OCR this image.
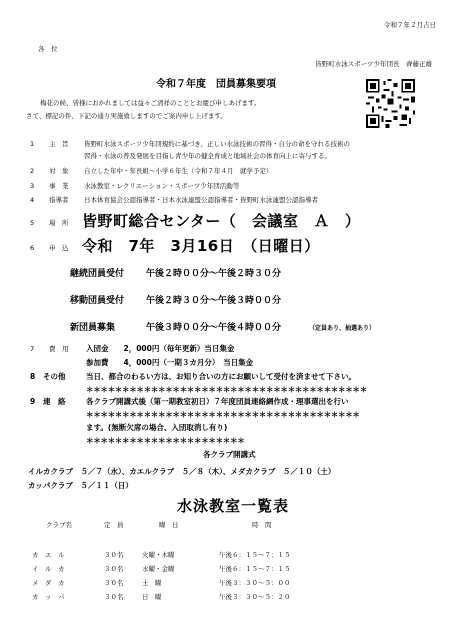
令和７年２月吉日
各　位
皆野町水泳スポーツ少年団長　齊藤正雄
令和７年度　団員募集要項
梅花の候、皆様におかれましては益々ご清祥のこととお慶び申しあげます。
さて、標記の件、下記の通り実施致しますのでご案内申し上げます。
1 主　旨 皆野町水泳スポーツ少年団規約に基づき、正しい水泳技術の習得・自分の命を守れる技術の
習得・水泳の普及発展を目指し青少年の健全育成と地域社会の体育向上に寄与する。
2 対　象 自立した年中・年長組～小学６年生（令和７年４月　就学予定）
3 事　業 水泳教室・レクリエーション・スポーツ少年団活動等
4 指導者 日本体育協会公認指導者・日本水泳連盟公認指導者・皆野町水泳連盟公認指導者
5 場　所 皆野町総合センター（　会議室　Ａ　）
6 申　込 令和　7年　3月16日　（日曜日）
継続団員受付 午後２時００分～午後２時３０分
移動団員受付 午後２時３０分～午後３時００分
新団員募集	午後３時００分～午後４時００分	（定員あり、抽選あり）
7 費　用 入団金　　2，000円（毎年更新）当日集金
参加費　　4，000円（一期３カ月分）　当日集金
8 その他	当日、都合のわるい方は、お知り合いの方にお願いして受付を済ませて下さい。
＊＊＊＊＊＊＊＊＊＊＊＊＊＊＊＊＊＊＊＊＊＊＊＊＊＊＊＊＊＊＊＊＊＊＊＊＊＊＊
9 連　絡	各クラブ開講式後（第一期教室初日）７年度団員連絡網作成・理事選出を行い
＊＊＊＊＊＊＊＊＊＊＊＊＊＊＊＊＊＊＊＊＊＊＊＊＊＊＊＊＊＊＊＊＊＊＊＊＊＊
ます。(無断欠席の場合、入団取消し有り)
＊＊＊＊＊＊＊＊＊＊＊＊＊＊＊＊＊＊＊＊＊＊
各クラブ開講式
イルカクラブ　５／７（水）、カエルクラブ　５／８（木）、メダカクラブ　５／１０（土）
カッパクラブ　５／１１（日）
水泳教室一覧表
クラブ名	定　員	曜　日	時　間
カ　エ　ル	３０名	火曜・木曜	午後６：１５～７：１５
イ　ル　カ	３０名	水曜・金曜	午後６：１５～７：１５
メ　ダ　カ	３０名	土　曜	午後３：３０～５：００
カ　ッ　パ	３０名	日　曜	午後３：３０～５：２０
